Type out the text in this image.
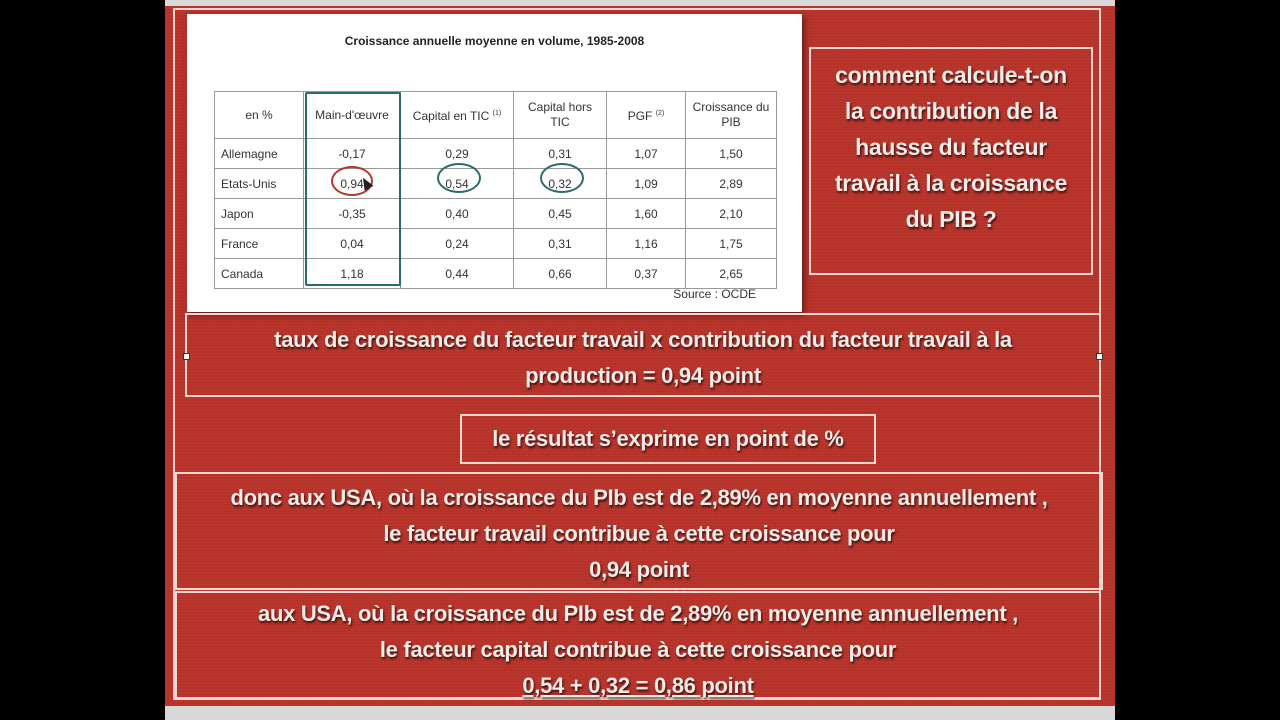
Croissance annuelle moyenne en volume, 1985-2008
en %	Main-d'œuvre	Capital en TIC $^{(1)}$	Capital hors TIC	PGF $^{(2)}$	Croissance du PIB
Allemagne	-0,17	0,29	0,31	1,07	1,50
Etats-Unis	0,94	0,54	0,32	1,09	2,89
Japon	-0,35	0,40	0,45	1,60	2,10
France	0,04	0,24	0,31	1,16	1,75
Canada	1,18	0,44	0,66	0,37	2,65
Source : OCDE
comment calcule-t-on
la contribution de la
hausse du facteur
travail à la croissance
du PIB ?
taux de croissance du facteur travail x contribution du facteur travail à la
production = 0,94 point
le résultat s’exprime en point de %
donc aux USA, où la croissance du PIb est de 2,89% en moyenne annuellement ,
le facteur travail contribue à cette croissance pour
0,94 point
aux USA, où la croissance du PIb est de 2,89% en moyenne annuellement ,
le facteur capital contribue à cette croissance pour
0,54 + 0,32 = 0,86 point
